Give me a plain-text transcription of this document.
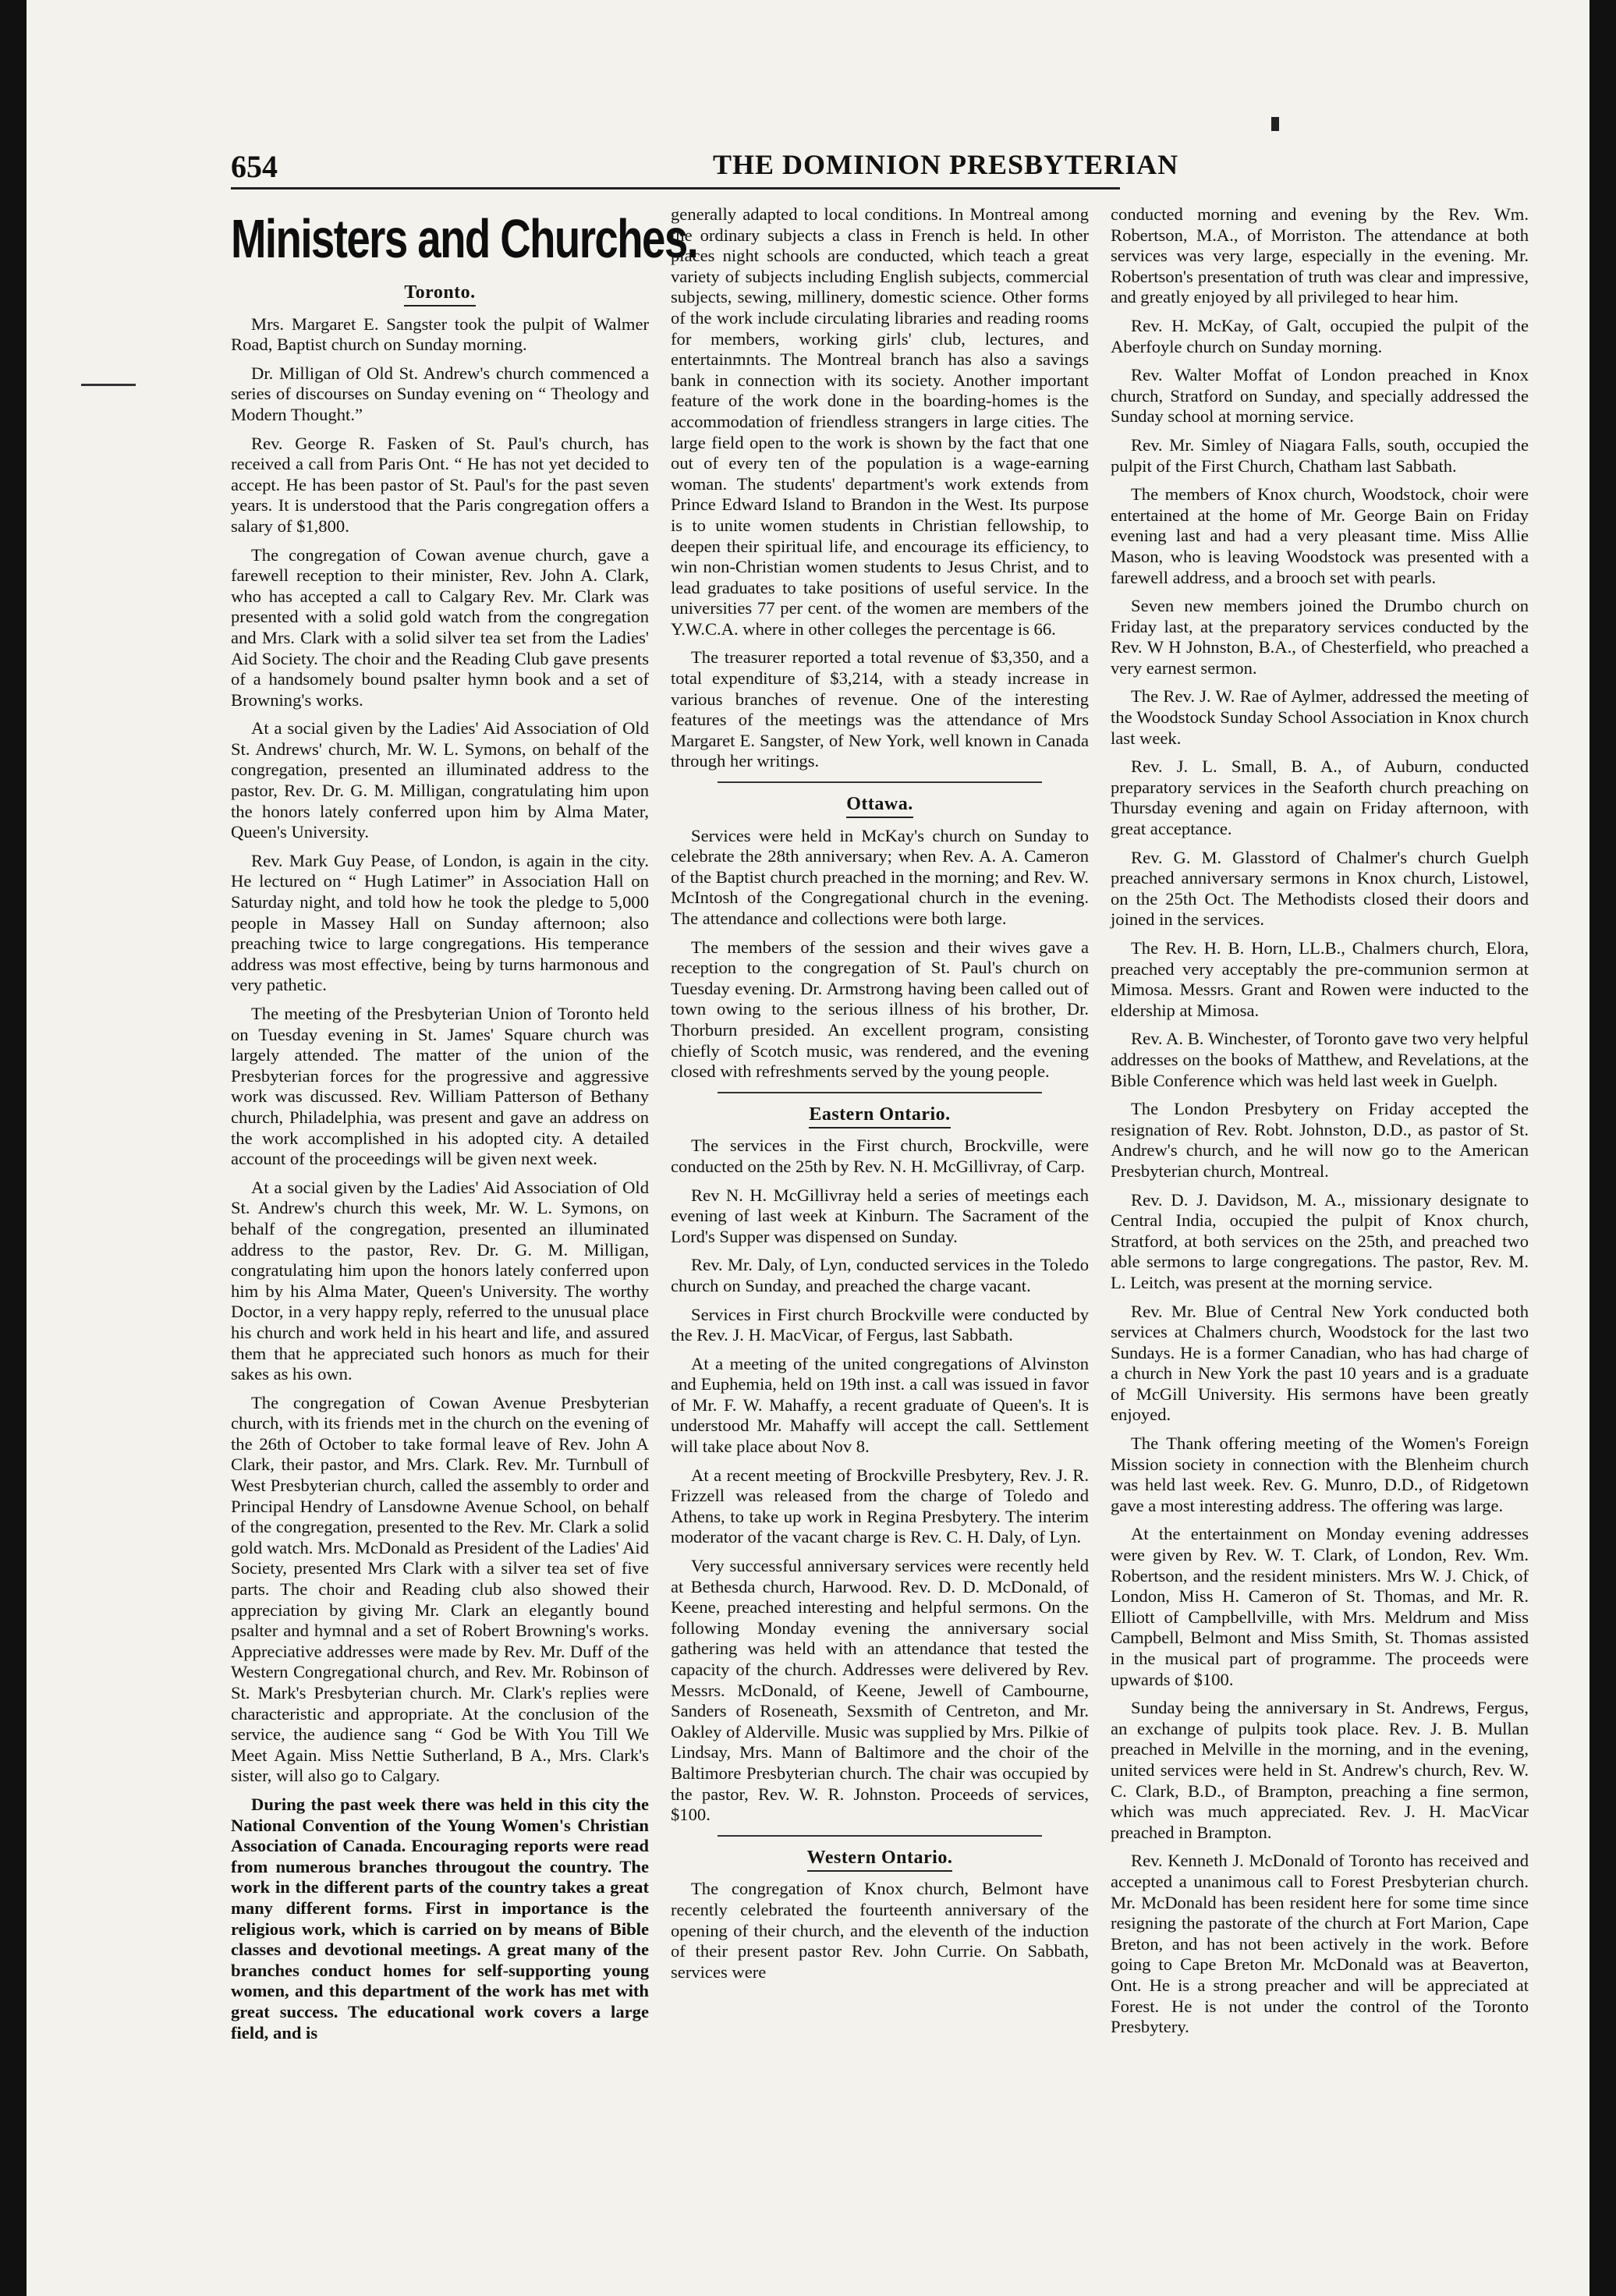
654	THE DOMINION PRESBYTERIAN
Ministers and Churches.
Toronto.

Mrs. Margaret E. Sangster took the pulpit of Walmer Road, Baptist church on Sunday morning.

Dr. Milligan of Old St. Andrew's church commenced a series of discourses on Sunday evening on “ Theology and Modern Thought.”

Rev. George R. Fasken of St. Paul's church, has received a call from Paris Ont. “ He has not yet decided to accept. He has been pastor of St. Paul's for the past seven years. It is understood that the Paris congregation offers a salary of $1,800.

The congregation of Cowan avenue church, gave a farewell reception to their minister, Rev. John A. Clark, who has accepted a call to Calgary Rev. Mr. Clark was presented with a solid gold watch from the congregation and Mrs. Clark with a solid silver tea set from the Ladies' Aid Society. The choir and the Reading Club gave presents of a handsomely bound psalter hymn book and a set of Browning's works.

At a social given by the Ladies' Aid Association of Old St. Andrews' church, Mr. W. L. Symons, on behalf of the congregation, presented an illuminated address to the pastor, Rev. Dr. G. M. Milligan, congratulating him upon the honors lately conferred upon him by Alma Mater, Queen's University.

Rev. Mark Guy Pease, of London, is again in the city. He lectured on “ Hugh Latimer” in Association Hall on Saturday night, and told how he took the pledge to 5,000 people in Massey Hall on Sunday afternoon; also preaching twice to large congregations. His temperance address was most effective, being by turns harmonous and very pathetic.

The meeting of the Presbyterian Union of Toronto held on Tuesday evening in St. James' Square church was largely attended. The matter of the union of the Presbyterian forces for the progressive and aggressive work was discussed. Rev. William Patterson of Bethany church, Philadelphia, was present and gave an address on the work accomplished in his adopted city. A detailed account of the proceedings will be given next week.

At a social given by the Ladies' Aid Association of Old St. Andrew's church this week, Mr. W. L. Symons, on behalf of the congregation, presented an illuminated address to the pastor, Rev. Dr. G. M. Milligan, congratulating him upon the honors lately conferred upon him by his Alma Mater, Queen's University. The worthy Doctor, in a very happy reply, referred to the unusual place his church and work held in his heart and life, and assured them that he appreciated such honors as much for their sakes as his own.

The congregation of Cowan Avenue Presbyterian church, with its friends met in the church on the evening of the 26th of October to take formal leave of Rev. John A Clark, their pastor, and Mrs. Clark. Rev. Mr. Turnbull of West Presbyterian church, called the assembly to order and Principal Hendry of Lansdowne Avenue School, on behalf of the congregation, presented to the Rev. Mr. Clark a solid gold watch. Mrs. McDonald as President of the Ladies' Aid Society, presented Mrs Clark with a silver tea set of five parts. The choir and Reading club also showed their appreciation by giving Mr. Clark an elegantly bound psalter and hymnal and a set of Robert Browning's works. Appreciative addresses were made by Rev. Mr. Duff of the Western Congregational church, and Rev. Mr. Robinson of St. Mark's Presbyterian church. Mr. Clark's replies were characteristic and appropriate. At the conclusion of the service, the audience sang “ God be With You Till We Meet Again. Miss Nettie Sutherland, B A., Mrs. Clark's sister, will also go to Calgary.

During the past week there was held in this city the National Convention of the Young Women's Christian Association of Canada. Encouraging reports were read from numerous branches througout the country. The work in the different parts of the country takes a great many different forms. First in importance is the religious work, which is carried on by means of Bible classes and devotional meetings. A great many of the branches conduct homes for self-supporting young women, and this department of the work has met with great success. The educational work covers a large field, and is

generally adapted to local conditions. In Montreal among the ordinary subjects a class in French is held. In other places night schools are conducted, which teach a great variety of subjects including English subjects, commercial subjects, sewing, millinery, domestic science. Other forms of the work include circulating libraries and reading rooms for members, working girls' club, lectures, and entertainmnts. The Montreal branch has also a savings bank in connection with its society. Another important feature of the work done in the boarding-homes is the accommodation of friendless strangers in large cities. The large field open to the work is shown by the fact that one out of every ten of the population is a wage-earning woman. The students' department's work extends from Prince Edward Island to Brandon in the West. Its purpose is to unite women students in Christian fellowship, to deepen their spiritual life, and encourage its efficiency, to win non-Christian women students to Jesus Christ, and to lead graduates to take positions of useful service. In the universities 77 per cent. of the women are members of the Y.W.C.A. where in other colleges the percentage is 66.

The treasurer reported a total revenue of $3,350, and a total expenditure of $3,214, with a steady increase in various branches of revenue. One of the interesting features of the meetings was the attendance of Mrs Margaret E. Sangster, of New York, well known in Canada through her writings.

Ottawa.

Services were held in McKay's church on Sunday to celebrate the 28th anniversary; when Rev. A. A. Cameron of the Baptist church preached in the morning; and Rev. W. McIntosh of the Congregational church in the evening. The attendance and collections were both large.

The members of the session and their wives gave a reception to the congregation of St. Paul's church on Tuesday evening. Dr. Armstrong having been called out of town owing to the serious illness of his brother, Dr. Thorburn presided. An excellent program, consisting chiefly of Scotch music, was rendered, and the evening closed with refreshments served by the young people.

Eastern Ontario.

The services in the First church, Brockville, were conducted on the 25th by Rev. N. H. McGillivray, of Carp.

Rev N. H. McGillivray held a series of meetings each evening of last week at Kinburn. The Sacrament of the Lord's Supper was dispensed on Sunday.

Rev. Mr. Daly, of Lyn, conducted services in the Toledo church on Sunday, and preached the charge vacant.

Services in First church Brockville were conducted by the Rev. J. H. MacVicar, of Fergus, last Sabbath.

At a meeting of the united congregations of Alvinston and Euphemia, held on 19th inst. a call was issued in favor of Mr. F. W. Mahaffy, a recent graduate of Queen's. It is understood Mr. Mahaffy will accept the call. Settlement will take place about Nov 8.

At a recent meeting of Brockville Presbytery, Rev. J. R. Frizzell was released from the charge of Toledo and Athens, to take up work in Regina Presbytery. The interim moderator of the vacant charge is Rev. C. H. Daly, of Lyn.

Very successful anniversary services were recently held at Bethesda church, Harwood. Rev. D. D. McDonald, of Keene, preached interesting and helpful sermons. On the following Monday evening the anniversary social gathering was held with an attendance that tested the capacity of the church. Addresses were delivered by Rev. Messrs. McDonald, of Keene, Jewell of Cambourne, Sanders of Roseneath, Sexsmith of Centreton, and Mr. Oakley of Alderville. Music was supplied by Mrs. Pilkie of Lindsay, Mrs. Mann of Baltimore and the choir of the Baltimore Presbyterian church. The chair was occupied by the pastor, Rev. W. R. Johnston. Proceeds of services, $100.

Western Ontario.

The congregation of Knox church, Belmont have recently celebrated the fourteenth anniversary of the opening of their church, and the eleventh of the induction of their present pastor Rev. John Currie. On Sabbath, services were

conducted morning and evening by the Rev. Wm. Robertson, M.A., of Morriston. The attendance at both services was very large, especially in the evening. Mr. Robertson's presentation of truth was clear and impressive, and greatly enjoyed by all privileged to hear him.

Rev. H. McKay, of Galt, occupied the pulpit of the Aberfoyle church on Sunday morning.

Rev. Walter Moffat of London preached in Knox church, Stratford on Sunday, and specially addressed the Sunday school at morning service.

Rev. Mr. Simley of Niagara Falls, south, occupied the pulpit of the First Church, Chatham last Sabbath.

The members of Knox church, Woodstock, choir were entertained at the home of Mr. George Bain on Friday evening last and had a very pleasant time. Miss Allie Mason, who is leaving Woodstock was presented with a farewell address, and a brooch set with pearls.

Seven new members joined the Drumbo church on Friday last, at the preparatory services conducted by the Rev. W H Johnston, B.A., of Chesterfield, who preached a very earnest sermon.

The Rev. J. W. Rae of Aylmer, addressed the meeting of the Woodstock Sunday School Association in Knox church last week.

Rev. J. L. Small, B. A., of Auburn, conducted preparatory services in the Seaforth church preaching on Thursday evening and again on Friday afternoon, with great acceptance.

Rev. G. M. Glasstord of Chalmer's church Guelph preached anniversary sermons in Knox church, Listowel, on the 25th Oct. The Methodists closed their doors and joined in the services.

The Rev. H. B. Horn, LL.B., Chalmers church, Elora, preached very acceptably the pre-communion sermon at Mimosa. Messrs. Grant and Rowen were inducted to the eldership at Mimosa.

Rev. A. B. Winchester, of Toronto gave two very helpful addresses on the books of Matthew, and Revelations, at the Bible Conference which was held last week in Guelph.

The London Presbytery on Friday accepted the resignation of Rev. Robt. Johnston, D.D., as pastor of St. Andrew's church, and he will now go to the American Presbyterian church, Montreal.

Rev. D. J. Davidson, M. A., missionary designate to Central India, occupied the pulpit of Knox church, Stratford, at both services on the 25th, and preached two able sermons to large congregations. The pastor, Rev. M. L. Leitch, was present at the morning service.

Rev. Mr. Blue of Central New York conducted both services at Chalmers church, Woodstock for the last two Sundays. He is a former Canadian, who has had charge of a church in New York the past 10 years and is a graduate of McGill University. His sermons have been greatly enjoyed.

The Thank offering meeting of the Women's Foreign Mission society in connection with the Blenheim church was held last week. Rev. G. Munro, D.D., of Ridgetown gave a most interesting address. The offering was large.

At the entertainment on Monday evening addresses were given by Rev. W. T. Clark, of London, Rev. Wm. Robertson, and the resident ministers. Mrs W. J. Chick, of London, Miss H. Cameron of St. Thomas, and Mr. R. Elliott of Campbellville, with Mrs. Meldrum and Miss Campbell, Belmont and Miss Smith, St. Thomas assisted in the musical part of programme. The proceeds were upwards of $100.

Sunday being the anniversary in St. Andrews, Fergus, an exchange of pulpits took place. Rev. J. B. Mullan preached in Melville in the morning, and in the evening, united services were held in St. Andrew's church, Rev. W. C. Clark, B.D., of Brampton, preaching a fine sermon, which was much appreciated. Rev. J. H. MacVicar preached in Brampton.

Rev. Kenneth J. McDonald of Toronto has received and accepted a unanimous call to Forest Presbyterian church. Mr. McDonald has been resident here for some time since resigning the pastorate of the church at Fort Marion, Cape Breton, and has not been actively in the work. Before going to Cape Breton Mr. McDonald was at Beaverton, Ont. He is a strong preacher and will be appreciated at Forest. He is not under the control of the Toronto Presbytery.
